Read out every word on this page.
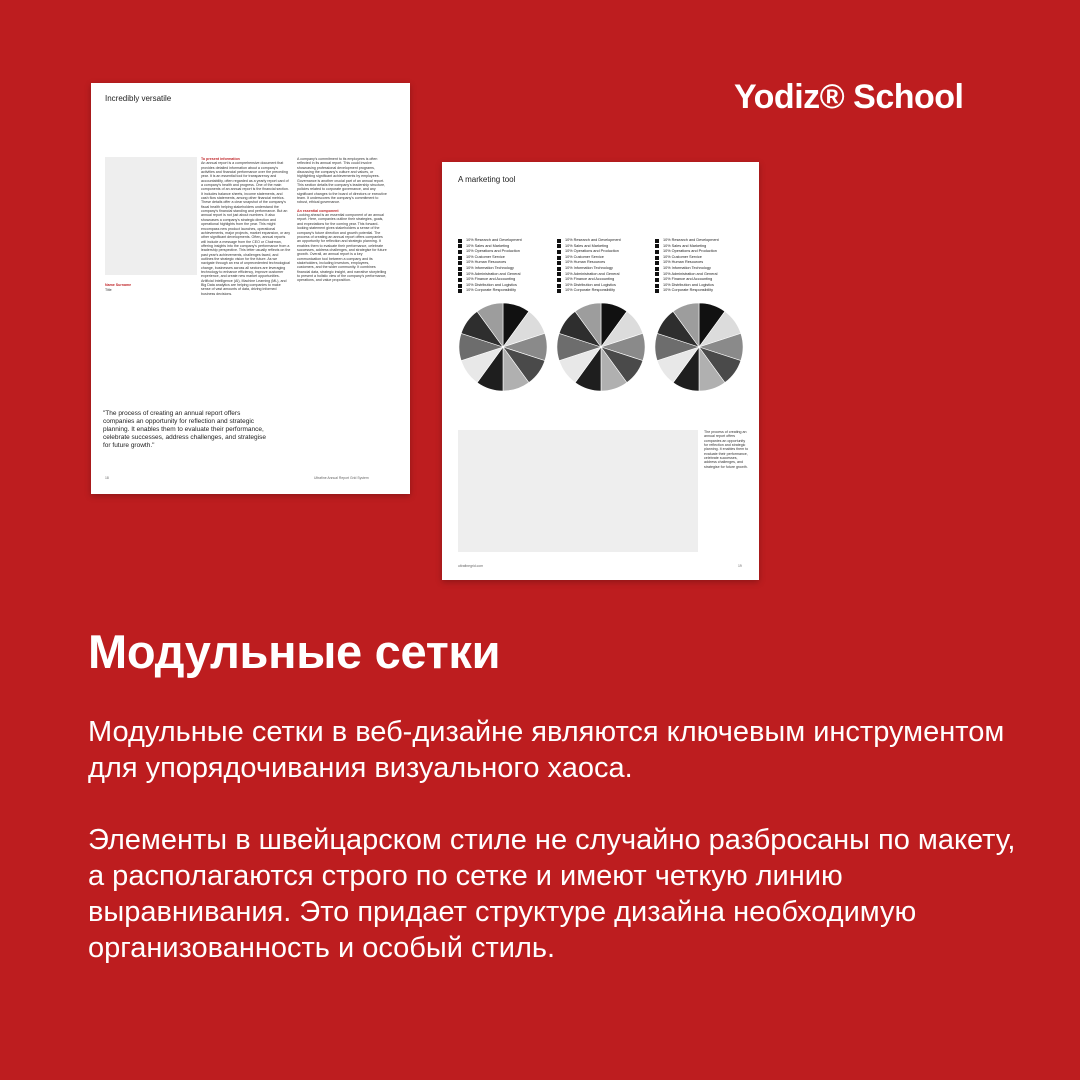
Yodiz® School
Incredibly versatile
Name Surname
Title
To present information
An annual report is a comprehensive document that provides detailed information about a company's activities and financial performance over the preceding year. It is an essential tool for transparency and accountability, often regarded as a yearly report card of a company's health and progress. One of the main components of an annual report is the financial section. It includes balance sheets, income statements, and cash flow statements, among other financial metrics. These details offer a clear snapshot of the company's fiscal health helping stakeholders understand the company's financial standing and performance. But an annual report is not just about numbers. It also showcases a company's strategic direction and operational highlights from the year. This might encompass new product launches, operational achievements, major projects, market expansion, or any other significant developments. Often, annual reports will include a message from the CEO or Chairman, offering insights into the company's performance from a leadership perspective. This letter usually reflects on the past year's achievements, challenges faced, and outlines the strategic vision for the future. As we navigate through an era of unprecedented technological change, businesses across all sectors are leveraging technology to enhance efficiency, improve customer experience, and create new market opportunities. Artificial Intelligence (AI), Machine Learning (ML), and Big Data analytics are helping companies to make sense of vast amounts of data, driving informed business decisions.
A company's commitment to its employees is often reflected in its annual report. This could involve showcasing professional development programs, discussing the company's culture and values, or highlighting significant achievements by employees. Governance is another crucial part of an annual report. This section details the company's leadership structure, policies related to corporate governance, and any significant changes to the board of directors or executive team. It underscores the company's commitment to robust, ethical governance.
An essential component
Looking ahead is an essential component of an annual report. Here, companies outline their strategies, goals, and expectations for the coming year. This forward-looking statement gives stakeholders a sense of the company's future direction and growth potential. The process of creating an annual report offers companies an opportunity for reflection and strategic planning. It enables them to evaluate their performance, celebrate successes, address challenges, and strategise for future growth. Overall, an annual report is a key communication tool between a company and its stakeholders, including investors, employees, customers, and the wider community. It combines financial data, strategic insight, and narrative storytelling to present a holistic view of the company's performance, operations, and value proposition.
"The process of creating an annual report offers companies an opportunity for reflection and strategic planning. It enables them to evaluate their performance, celebrate successes, address challenges, and strategise for future growth."
18	Ultrafine Annual Report Grid System
A marketing tool
10% Research and Development
10% Sales and Marketing
10% Operations and Production
10% Customer Service
10% Human Resources
10% Information Technology
10% Administration and General
10% Finance and Accounting
10% Distribution and Logistics
10% Corporate Responsibility
10% Research and Development
10% Sales and Marketing
10% Operations and Production
10% Customer Service
10% Human Resources
10% Information Technology
10% Administration and General
10% Finance and Accounting
10% Distribution and Logistics
10% Corporate Responsibility
10% Research and Development
10% Sales and Marketing
10% Operations and Production
10% Customer Service
10% Human Resources
10% Information Technology
10% Administration and General
10% Finance and Accounting
10% Distribution and Logistics
10% Corporate Responsibility
The process of creating an annual report offers companies an opportunity for reflection and strategic planning. It enables them to evaluate their performance, celebrate successes, address challenges, and strategise for future growth.
ultrafinegrid.com	19
Модульные сетки
Модульные сетки в веб-дизайне являются ключевым инструментом для упорядочивания визуального хаоса.
Элементы в швейцарском стиле не случайно разбросаны по макету, а располагаются строго по сетке и имеют четкую линию выравнивания. Это придает структуре дизайна необходимую организованность и особый стиль.
